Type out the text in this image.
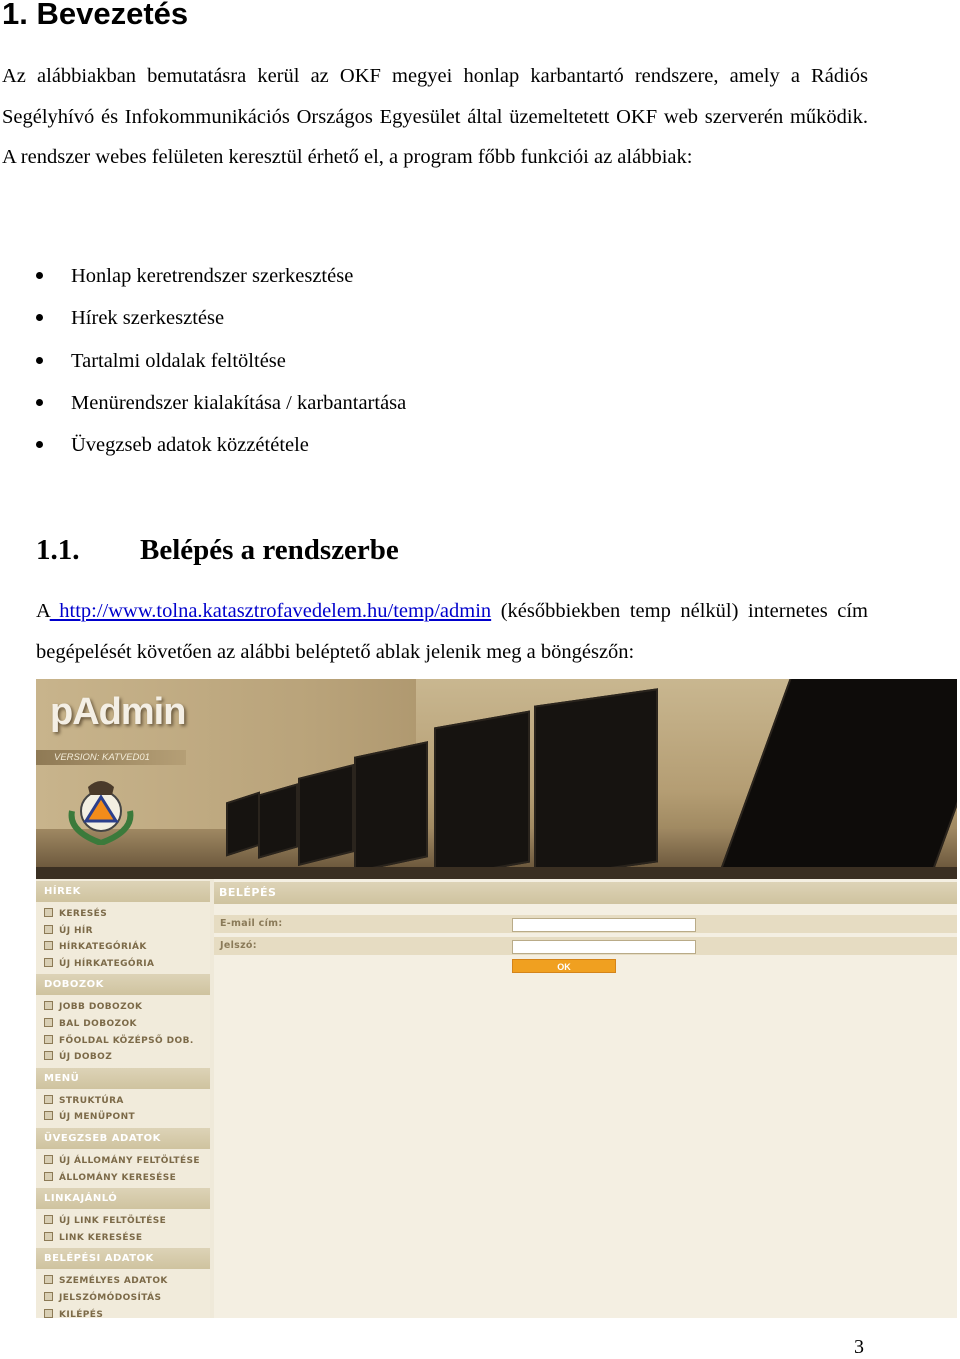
1. Bevezetés

Az alábbiakban bemutatásra kerül az OKF megyei honlap karbantartó rendszere, amely a Rádiós Segélyhívó és Infokommunikációs Országos Egyesület által üzemeltetett OKF web szerverén működik. A rendszer webes felületen keresztül érhető el, a program főbb funkciói az alábbiak:

Honlap keretrendszer szerkesztése
Hírek szerkesztése
Tartalmi oldalak feltöltése
Menürendszer kialakítása / karbantartása
Üvegzseb adatok közzététele
1.1. Belépés a rendszerbe

A http://www.tolna.katasztrofavedelem.hu/temp/admin (későbbiekben temp nélkül) internetes cím begépelését követően az alábbi beléptető ablak jelenik meg a böngészőn:

pAdmin
VERSION: KATVED01
HÍREK
KERESÉS
ÚJ HÍR
HÍRKATEGÓRIÁK
ÚJ HÍRKATEGÓRIA
DOBOZOK
JOBB DOBOZOK
BAL DOBOZOK
FŐOLDAL KÖZÉPSŐ DOB.
ÚJ DOBOZ
MENÜ
STRUKTÚRA
ÚJ MENÜPONT
ÜVEGZSEB ADATOK
ÚJ ÁLLOMÁNY FELTÖLTÉSE
ÁLLOMÁNY KERESÉSE
LINKAJÁNLÓ
ÚJ LINK FELTÖLTÉSE
LINK KERESÉSE
BELÉPÉSI ADATOK
SZEMÉLYES ADATOK
JELSZÓMÓDOSÍTÁS
KILÉPÉS
BELÉPÉS
E-mail cím:
Jelszó:
OK
3
